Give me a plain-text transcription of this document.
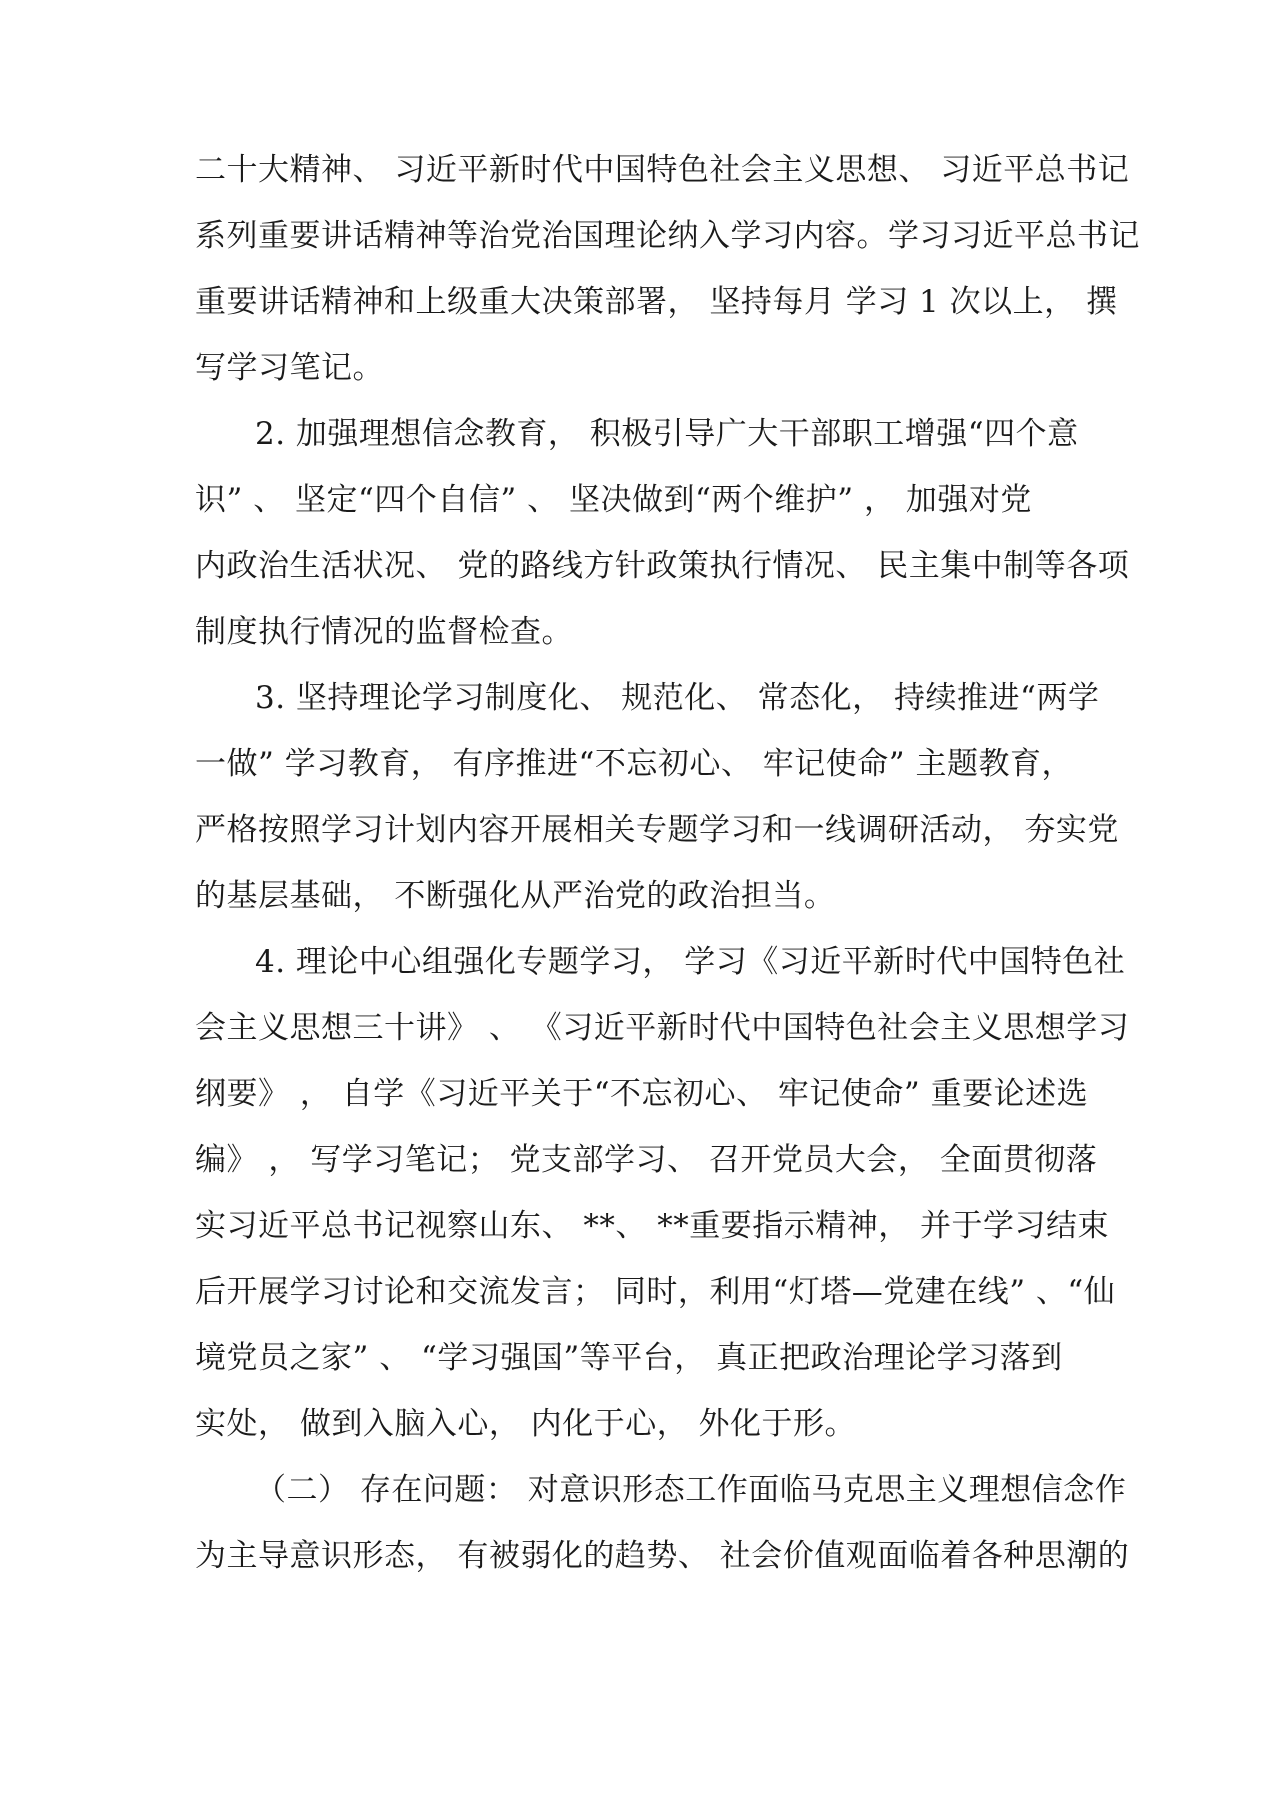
二十大精神、 习近平新时代中国特色社会主义思想、 习近平总书记
系列重要讲话精神等治党治国理论纳入学习内容。学习习近平总书记
重要讲话精神和上级重大决策部署， 坚持每月 学习 1 次以上， 撰
写学习笔记。
2. 加强理想信念教育， 积极引导广大干部职工增强“四个意
识” 、 坚定“四个自信” 、 坚决做到“两个维护” ， 加强对党
内政治生活状况、 党的路线方针政策执行情况、 民主集中制等各项
制度执行情况的监督检查。
3. 坚持理论学习制度化、 规范化、 常态化， 持续推进“两学
一做” 学习教育， 有序推进“不忘初心、 牢记使命” 主题教育，
严格按照学习计划内容开展相关专题学习和一线调研活动， 夯实党
的基层基础， 不断强化从严治党的政治担当。
4. 理论中心组强化专题学习， 学习《习近平新时代中国特色社
会主义思想三十讲》 、 《习近平新时代中国特色社会主义思想学习
纲要》 ， 自学《习近平关于“不忘初心、 牢记使命” 重要论述选
编》 ， 写学习笔记； 党支部学习、 召开党员大会， 全面贯彻落
实习近平总书记视察山东、 **、 **重要指示精神， 并于学习结束
后开展学习讨论和交流发言； 同时，利用“灯塔—党建在线” 、“仙
境党员之家” 、 “学习强国”等平台， 真正把政治理论学习落到
实处， 做到入脑入心， 内化于心， 外化于形。
（二） 存在问题： 对意识形态工作面临马克思主义理想信念作
为主导意识形态， 有被弱化的趋势、 社会价值观面临着各种思潮的
